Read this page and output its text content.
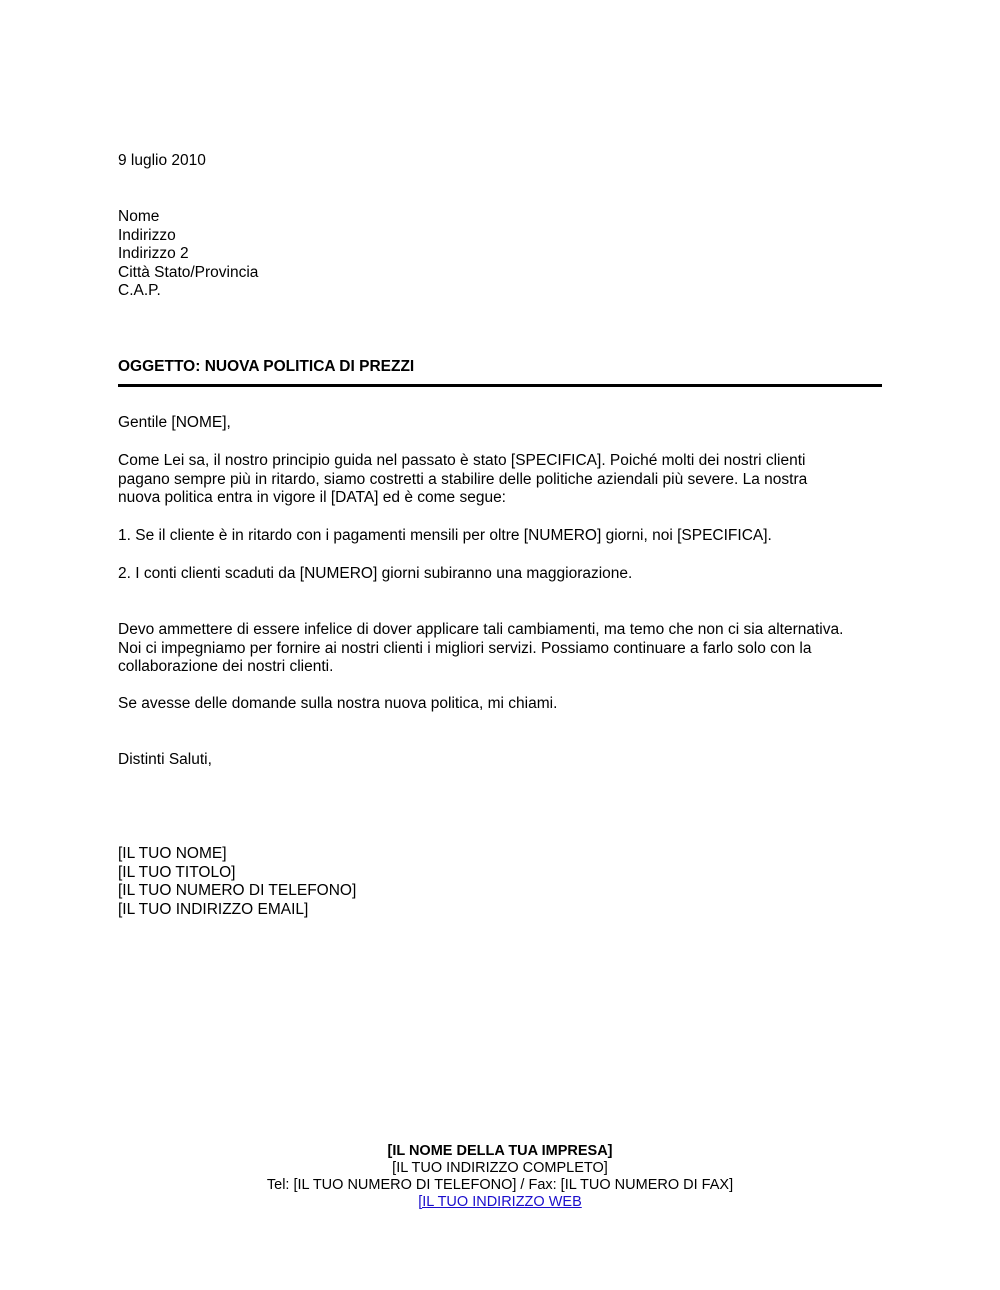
9 luglio 2010
Nome
Indirizzo
Indirizzo 2
Città Stato/Provincia
C.A.P.
OGGETTO: NUOVA POLITICA DI PREZZI
Gentile [NOME],
Come Lei sa, il nostro principio guida nel passato è stato [SPECIFICA]. Poiché molti dei nostri clienti
pagano sempre più in ritardo, siamo costretti a stabilire delle politiche aziendali più severe. La nostra
nuova politica entra in vigore il [DATA] ed è come segue:
1. Se il cliente è in ritardo con i pagamenti mensili per oltre [NUMERO] giorni, noi [SPECIFICA].
2. I conti clienti scaduti da [NUMERO] giorni subiranno una maggiorazione.
Devo ammettere di essere infelice di dover applicare tali cambiamenti, ma temo che non ci sia alternativa.
Noi ci impegniamo per fornire ai nostri clienti i migliori servizi. Possiamo continuare a farlo solo con la
collaborazione dei nostri clienti.
Se avesse delle domande sulla nostra nuova politica, mi chiami.
Distinti Saluti,
[IL TUO NOME]
[IL TUO TITOLO]
[IL TUO NUMERO DI TELEFONO]
[IL TUO INDIRIZZO EMAIL]
[IL NOME DELLA TUA IMPRESA]
[IL TUO INDIRIZZO COMPLETO]
Tel: [IL TUO NUMERO DI TELEFONO] / Fax: [IL TUO NUMERO DI FAX]
[IL TUO INDIRIZZO WEB
